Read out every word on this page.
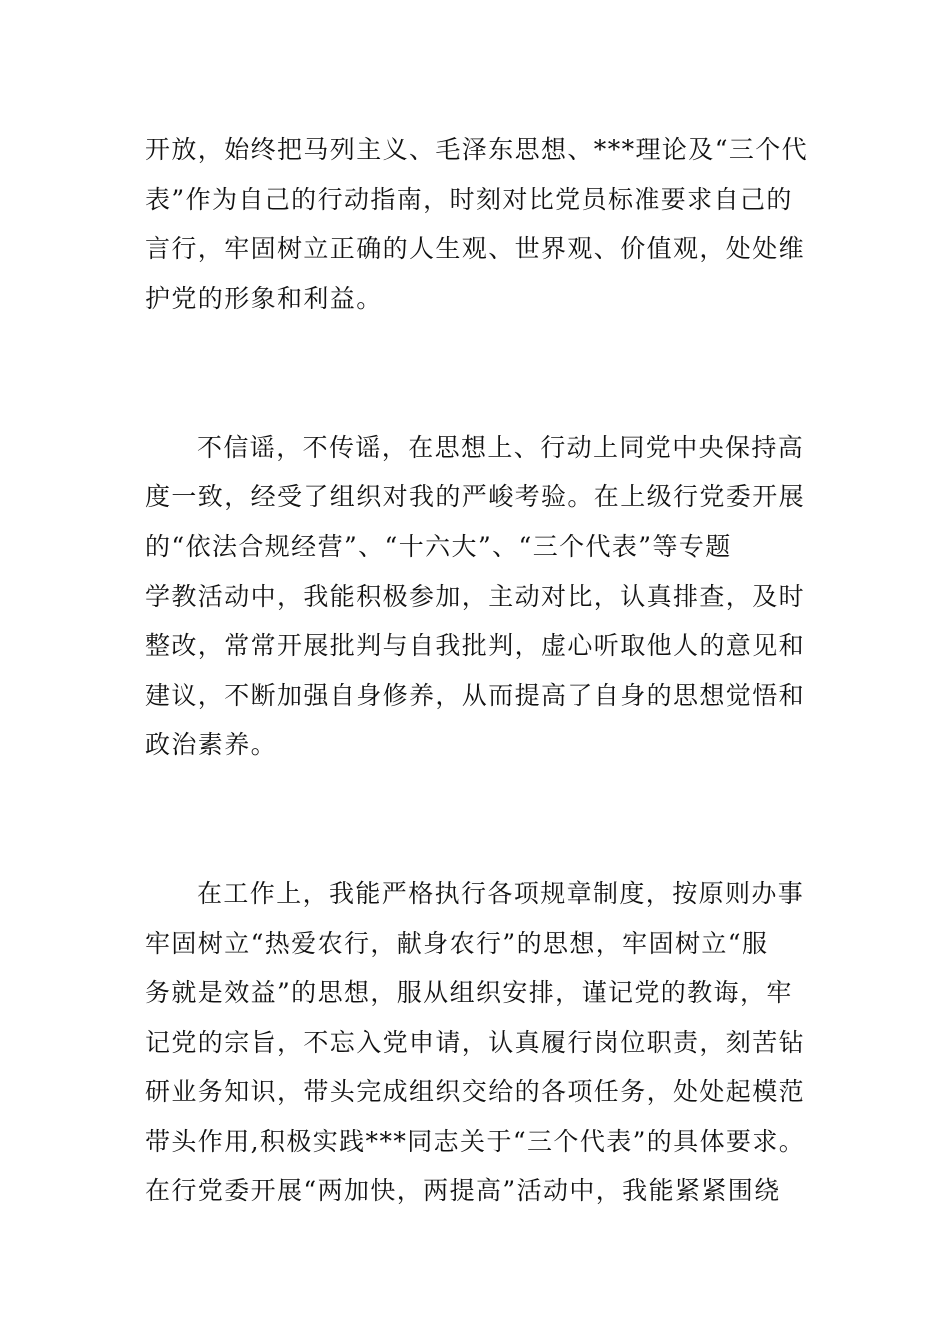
开放，始终把马列主义、毛泽东思想、***理论及“三个代
表”作为自己的行动指南，时刻对比党员标准要求自己的
言行，牢固树立正确的人生观、世界观、价值观，处处维
护党的形象和利益。
不信谣，不传谣，在思想上、行动上同党中央保持高
度一致，经受了组织对我的严峻考验。在上级行党委开展
的“依法合规经营”、“十六大”、“三个代表”等专题
学教活动中，我能积极参加，主动对比，认真排查，及时
整改，常常开展批判与自我批判，虚心听取他人的意见和
建议，不断加强自身修养，从而提高了自身的思想觉悟和
政治素养。
在工作上，我能严格执行各项规章制度，按原则办事
牢固树立“热爱农行，献身农行”的思想，牢固树立“服
务就是效益”的思想，服从组织安排，谨记党的教诲，牢
记党的宗旨，不忘入党申请，认真履行岗位职责，刻苦钻
研业务知识，带头完成组织交给的各项任务，处处起模范
带头作用,积极实践***同志关于“三个代表”的具体要求。
在行党委开展“两加快，两提高”活动中，我能紧紧围绕
